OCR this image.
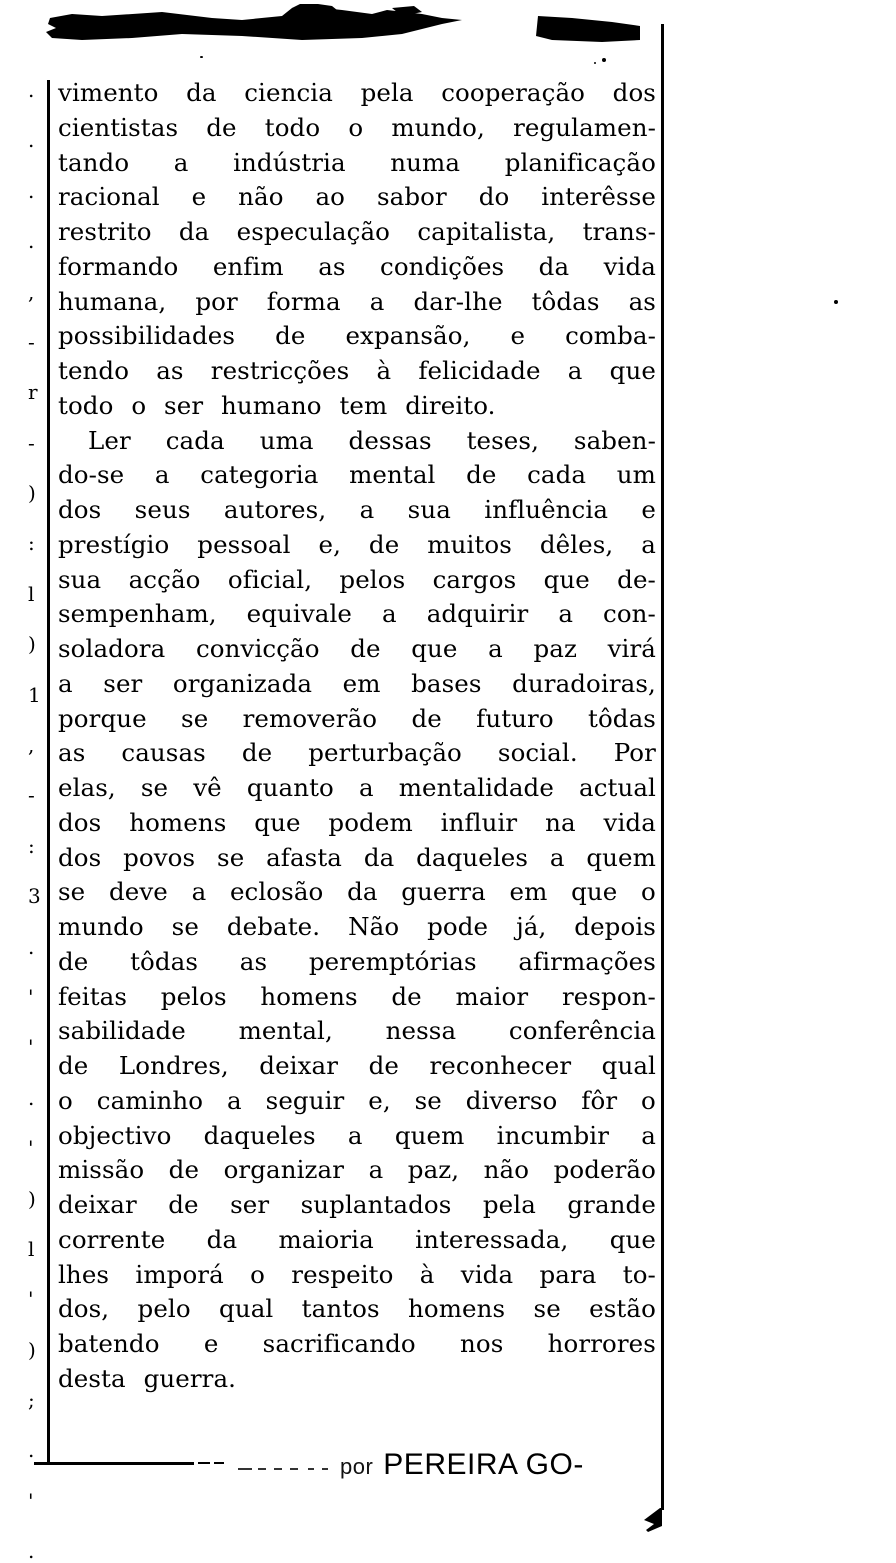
.
.
.
.
,
-
r
-
)
:
l
)
1
,
-
:
3
.
'
'
.
'
)
l
'
)
;
.
'
.
vimento da ciencia pela cooperação dos
cientistas de todo o mundo, regulamen-
tando a indústria numa planificação
racional e não ao sabor do interêsse
restrito da especulação capitalista, trans-
formando enfim as condições da vida
humana, por forma a dar-lhe tôdas as
possibilidades de expansão, e comba-
tendo as restricções à felicidade a que
todo o ser humano tem direito.
Ler cada uma dessas teses, saben-
do-se a categoria mental de cada um
dos seus autores, a sua influência e
prestígio pessoal e, de muitos dêles, a
sua acção oficial, pelos cargos que de-
sempenham, equivale a adquirir a con-
soladora convicção de que a paz virá
a ser organizada em bases duradoiras,
porque se removerão de futuro tôdas
as causas de perturbação social. Por
elas, se vê quanto a mentalidade actual
dos homens que podem influir na vida
dos povos se afasta da daqueles a quem
se deve a eclosão da guerra em que o
mundo se debate. Não pode já, depois
de tôdas as peremptórias afirmações
feitas pelos homens de maior respon-
sabilidade mental, nessa conferência
de Londres, deixar de reconhecer qual
o caminho a seguir e, se diverso fôr o
objectivo daqueles a quem incumbir a
missão de organizar a paz, não poderão
deixar de ser suplantados pela grande
corrente da maioria interessada, que
lhes imporá o respeito à vida para to-
dos, pelo qual tantos homens se estão
batendo e sacrificando nos horrores
desta guerra.
por PEREIRA GO-
